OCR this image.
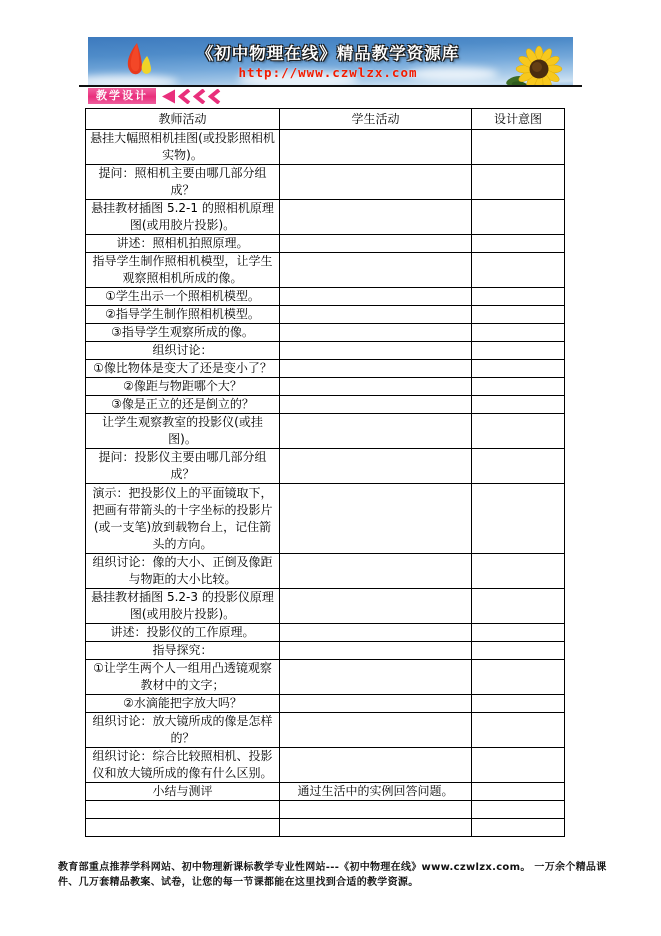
《初中物理在线》精品教学资源库
http://www.czwlzx.com
教学设计
教师活动	学生活动	设计意图
悬挂大幅照相机挂图(或投影照相机实物)。		
提问：照相机主要由哪几部分组成？		
悬挂教材插图 5.2-1 的照相机原理图(或用胶片投影)。		
讲述：照相机拍照原理。		
指导学生制作照相机模型，让学生观察照相机所成的像。		
①学生出示一个照相机模型。		
②指导学生制作照相机模型。		
③指导学生观察所成的像。		
组织讨论：		
①像比物体是变大了还是变小了？		
②像距与物距哪个大？		
③像是正立的还是倒立的？		
让学生观察教室的投影仪(或挂图)。		
提问：投影仪主要由哪几部分组成？		
演示：把投影仪上的平面镜取下，把画有带箭头的十字坐标的投影片(或一支笔)放到载物台上，记住箭头的方向。		
组织讨论：像的大小、正倒及像距与物距的大小比较。		
悬挂教材插图 5.2-3 的投影仪原理图(或用胶片投影)。		
讲述：投影仪的工作原理。		
指导探究：		
①让学生两个人一组用凸透镜观察教材中的文字；		
②水滴能把字放大吗？		
组织讨论：放大镜所成的像是怎样的？		
组织讨论：综合比较照相机、投影仪和放大镜所成的像有什么区别。		
小结与测评	通过生活中的实例回答问题。	

教育部重点推荐学科网站、初中物理新课标教学专业性网站---《初中物理在线》www.czwlzx.com。 一万余个精品课件、几万套精品教案、试卷，让您的每一节课都能在这里找到合适的教学资源。
